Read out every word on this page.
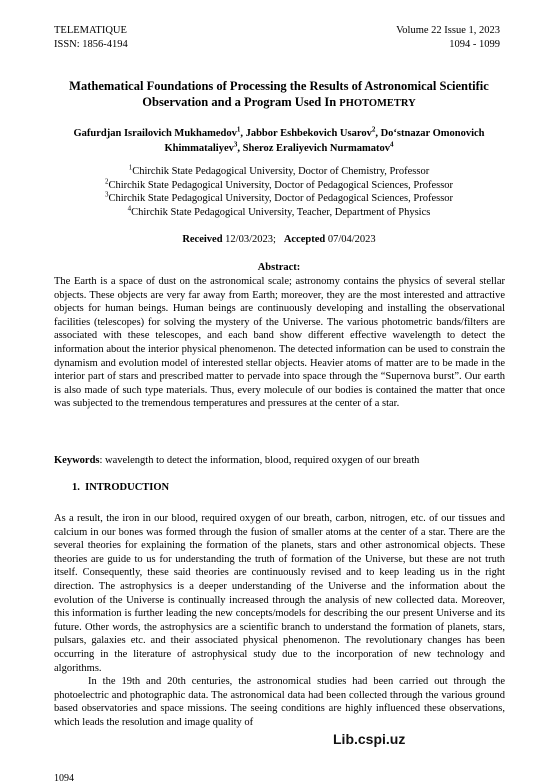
TELEMATIQUE
ISSN: 1856-4194
Volume 22 Issue 1, 2023
1094 - 1099
Mathematical Foundations of Processing the Results of Astronomical Scientific Observation and a Program Used In PHOTOMETRY
Gafurdjan Israilovich Mukhamedov$^1$, Jabbor Eshbekovich Usarov$^2$, Do‘stnazar Omonovich Khimmataliyev$^3$, Sheroz Eraliyevich Nurmamatov$^4$
$^1$Chirchik State Pedagogical University, Doctor of Chemistry, Professor
$^2$Chirchik State Pedagogical University, Doctor of Pedagogical Sciences, Professor
$^3$Chirchik State Pedagogical University, Doctor of Pedagogical Sciences, Professor
$^4$Chirchik State Pedagogical University, Teacher, Department of Physics
Received 12/03/2023; Accepted 07/04/2023
Abstract:

The Earth is a space of dust on the astronomical scale; astronomy contains the physics of several stellar objects. These objects are very far away from Earth; moreover, they are the most interested and attractive objects for human beings. Human beings are continuously developing and installing the observational facilities (telescopes) for solving the mystery of the Universe. The various photometric bands/filters are associated with these telescopes, and each band show different effective wavelength to detect the information about the interior physical phenomenon. The detected information can be used to constrain the dynamism and evolution model of interested stellar objects. Heavier atoms of matter are to be made in the interior part of stars and prescribed matter to pervade into space through the “Supernova burst”. Our earth is also made of such type materials. Thus, every molecule of our bodies is contained the matter that once was subjected to the tremendous temperatures and pressures at the center of a star.

Keywords: wavelength to detect the information, blood, required oxygen of our breath
1. INTRODUCTION

As a result, the iron in our blood, required oxygen of our breath, carbon, nitrogen, etc. of our tissues and calcium in our bones was formed through the fusion of smaller atoms at the center of a star. There are the several theories for explaining the formation of the planets, stars and other astronomical objects. These theories are guide to us for understanding the truth of formation of the Universe, but these are not truth itself. Consequently, these said theories are continuously revised and to keep leading us in the right direction. The astrophysics is a deeper understanding of the Universe and the information about the evolution of the Universe is continually increased through the analysis of new collected data. Moreover, this information is further leading the new concepts/models for describing the our present Universe and its future. Other words, the astrophysics are a scientific branch to understand the formation of planets, stars, pulsars, galaxies etc. and their associated physical phenomenon. The revolutionary changes has been occurring in the literature of astrophysical study due to the incorporation of new technology and algorithms.

In the 19th and 20th centuries, the astronomical studies had been carried out through the photoelectric and photographic data. The astronomical data had been collected through the various ground based observatories and space missions. The seeing conditions are highly influenced these observations, which leads the resolution and image quality of

Lib.cspi.uz
1094
